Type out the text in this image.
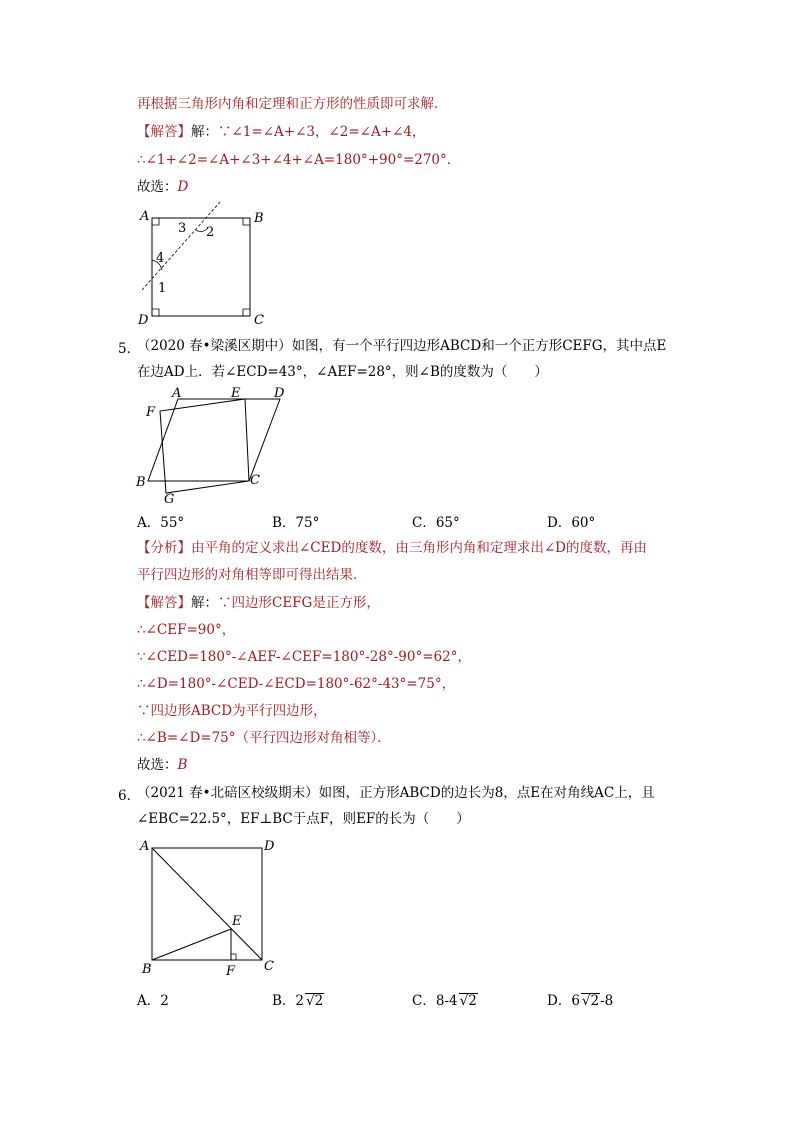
再根据三角形内角和定理和正方形的性质即可求解．
【解答】解：∵∠1=∠A+∠3，∠2=∠A+∠4，
∴∠1+∠2=∠A+∠3+∠4+∠A=180°+90°=270°．
故选：D
A	B
C
D
2
3
4
1
5．
（2020 春•梁溪区期中）如图，有一个平行四边形ABCD和一个正方形CEFG，其中点E
在边AD上．若∠ECD=43°，∠AEF=28°，则∠B的度数为（　　）
A	E	D
F
B	C
G
A．55°	B．75°	C．65°	D．60°
【分析】由平角的定义求出∠CED的度数，由三角形内角和定理求出∠D的度数，再由
平行四边形的对角相等即可得出结果．
【解答】解：∵四边形CEFG是正方形，
∴∠CEF=90°，
∵∠CED=180°-∠AEF-∠CEF=180°-28°-90°=62°，
∴∠D=180°-∠CED-∠ECD=180°-62°-43°=75°，
∵四边形ABCD为平行四边形，
∴∠B=∠D=75°（平行四边形对角相等）．
故选：B
6．
（2021 春•北碚区校级期末）如图，正方形ABCD的边长为8，点E在对角线AC上，且
∠EBC=22.5°，EF⊥BC于点F，则EF的长为（　　）
A	D
E
B	F C
A．2	B．2 √2	C．8-4 √2	D．6 √2-8
